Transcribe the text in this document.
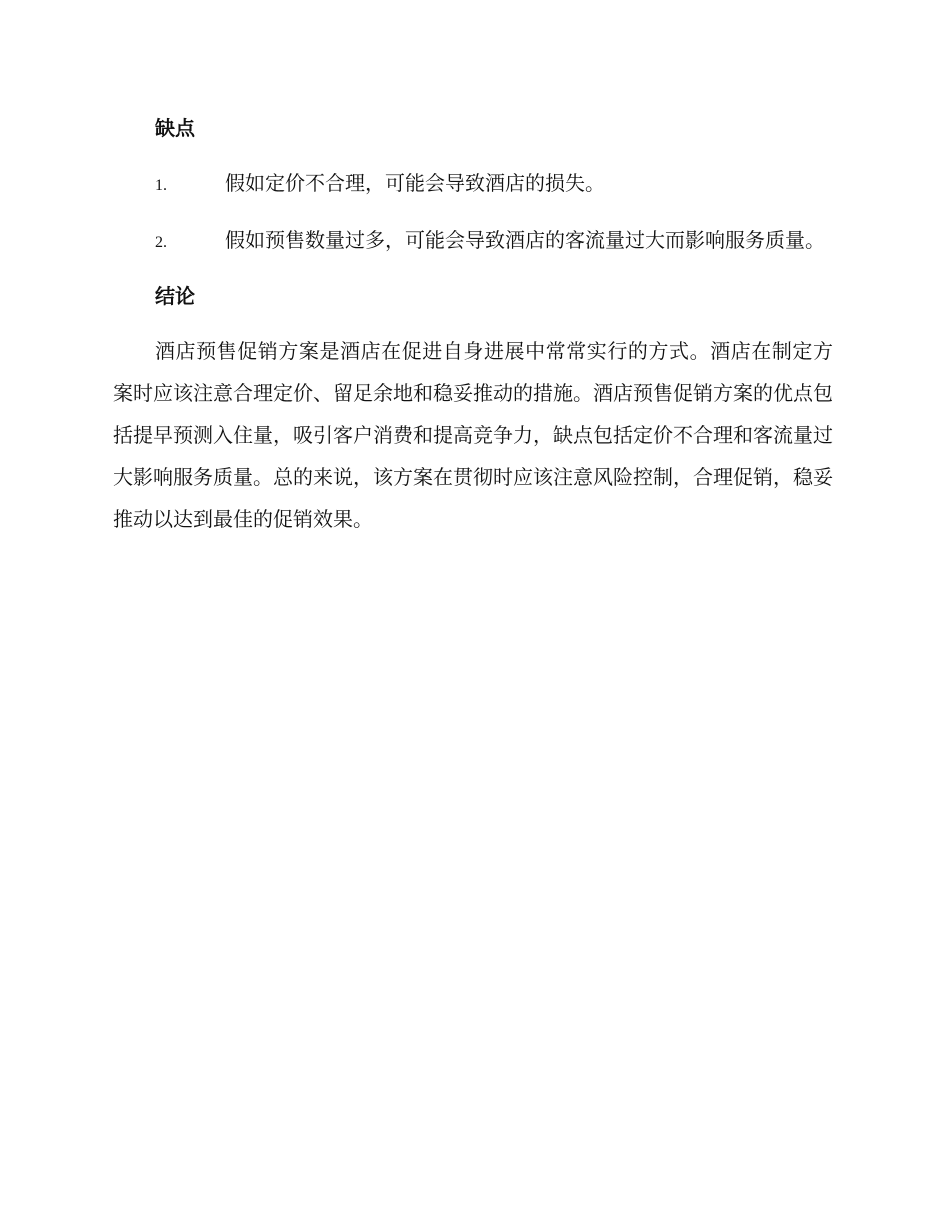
缺点

1.	假如定价不合理，可能会导致酒店的损失。

2.	假如预售数量过多，可能会导致酒店的客流量过大而影响服务质量。

结论

酒店预售促销方案是酒店在促进自身进展中常常实行的方式。酒店在制定方案时应该注意合理定价、留足余地和稳妥推动的措施。酒店预售促销方案的优点包括提早预测入住量，吸引客户消费和提高竞争力，缺点包括定价不合理和客流量过大影响服务质量。总的来说，该方案在贯彻时应该注意风险控制，合理促销，稳妥推动以达到最佳的促销效果。
